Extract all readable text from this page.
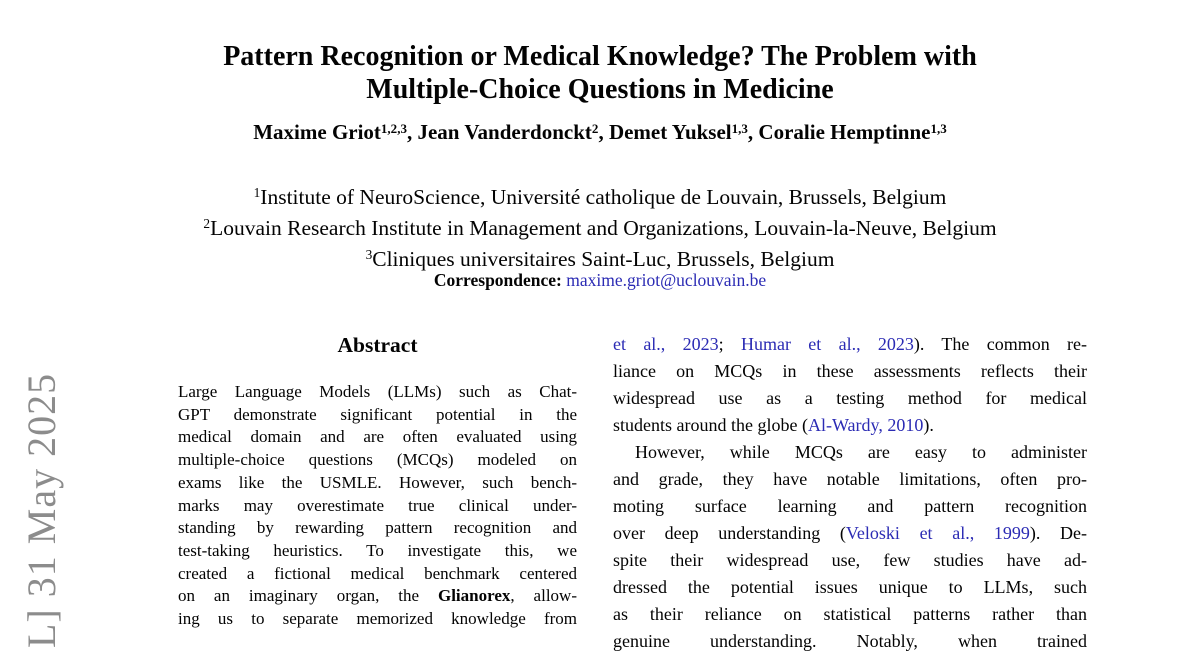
L] 31 May 2025
Pattern Recognition or Medical Knowledge? The Problem with
Multiple-Choice Questions in Medicine
Maxime Griot$^{1,2,3}$, Jean Vanderdonckt$^2$, Demet Yuksel$^{1,3}$, Coralie Hemptinne$^{1,3}$
$^1$Institute of NeuroScience, Université catholique de Louvain, Brussels, Belgium
$^2$Louvain Research Institute in Management and Organizations, Louvain-la-Neuve, Belgium
$^3$Cliniques universitaires Saint-Luc, Brussels, Belgium
Correspondence: maxime.griot@uclouvain.be
Abstract
Large Language Models (LLMs) such as Chat-
GPT demonstrate significant potential in the
medical domain and are often evaluated using
multiple-choice questions (MCQs) modeled on
exams like the USMLE. However, such bench-
marks may overestimate true clinical under-
standing by rewarding pattern recognition and
test-taking heuristics. To investigate this, we
created a fictional medical benchmark centered
on an imaginary organ, the Glianorex, allow-
ing us to separate memorized knowledge from
et al., 2023; Humar et al., 2023). The common re-
liance on MCQs in these assessments reflects their
widespread use as a testing method for medical
students around the globe (Al-Wardy, 2010).
However, while MCQs are easy to administer
and grade, they have notable limitations, often pro-
moting surface learning and pattern recognition
over deep understanding (Veloski et al., 1999). De-
spite their widespread use, few studies have ad-
dressed the potential issues unique to LLMs, such
as their reliance on statistical patterns rather than
genuine understanding. Notably, when trained
